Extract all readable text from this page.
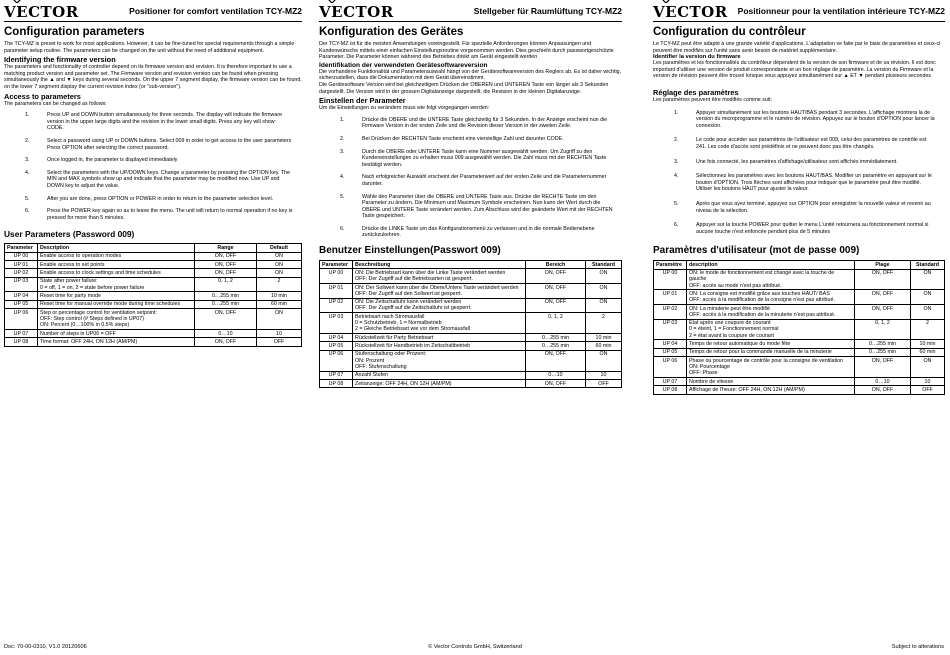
VECTOR	Positioner for comfort ventilation TCY-MZ2
Configuration parameters
The TCY-MZ is preset to work for most applications. However, it can be fine-tuned for special requirements through a simple parameter setup routine. The parameters can be changed on the unit without the need of additional equipment.
Identifying the firmware version
The parameters and functionality of controller depend on its firmware version and revision. It is therefore important to use a matching product version and parameter set. The Firmware version and revision version can be found when pressing simultaneously the ▲ and ▼ keys during several seconds. On the upper 7 segment display, the firmware version can be found, on the lower 7 segment display the current revision index (or "sub-version").
Access to parameters
The parameters can be changed as follows:
1.	Press UP and DOWN button simultaneously for three seconds. The display will indicate the firmware version in the upper large digits and the revision in the lower small digits. Press any key will show: CODE.
2.	Select a password using UP or DOWN buttons. Select 009 in order to get access to the user parameters
Press OPTION after selecting the correct password.
3.	Once logged in, the parameter is displayed immediately
4.	Select the parameters with the UP/DOWN keys. Change a parameter by pressing the OPTION key. The MIN and MAX symbols show up and indicate that the parameter may be modified now. Use UP and DOWN key to adjust the value.
5.	After you are done, press OPTION or POWER in order to return to the parameter selection level.
6.	Press the POWER key again so as to leave the menu. The unit will return to normal operation if no key is pressed for more than 5 minutes.
User Parameters (Password 009)
Parameter	Description	Range	Default
UP 00	Enable access to operation modes	ON, OFF	ON
UP 01	Enable access to set points	ON, OFF	ON
UP 02	Enable access to clock settings and time schedules	ON, OFF	ON
UP 03	State after power failure:
0 = off, 1 = on, 2 = state before power failure	0, 1, 2	2
UP 04	Reset time for party mode	0…255 min	10 min
UP 05	Reset time for manual override mode during time schedules	0…255 min	60 min
UP 06	Step or percentage control for ventilation setpoint:
OFF: Step control (# Steps defined in UP07)
ON: Percent (0…100% in 0.5% steps)	ON, OFF	ON
UP 07	Number of steps in UP06 = OFF	0…10	10
UP 08	Time format: OFF 24H, ON 12H (AM/PM)	ON, OFF	OFF
VECTOR	Stellgeber für Raumlüftung TCY-MZ2
Konfiguration des Gerätes
Der TCY-MZ ist für die meisten Anwendungen voreingestellt. Für spezielle Anforderungen können Anpassungen und Kundenwünsche mittels einer einfachen Einstellungsroutine vorgenommen werden. Dies geschieht durch passwortgeschützte Parameter. Die Parameter können während des Betriebes direkt am Gerät eingestellt werden
Identifikation der verwendeten Gerätesoftwareversion
Die vorhandene Funktionalität und Parameterauswahl hängt von der Gerätesoftwareversion des Reglers ab. Es ist daher wichtig, sicherzustellen, dass die Dokumentation mit dem Gerät übereinstimmt.
Die Gerätesoftware Version wird bei gleichzeitigem Drücken der OBEREN und UNTEREN Taste von länger als 3 Sekunden dargestellt. Die Version wird in der grossen Digitalanzeige dargestellt, die Revision in der kleinen Digitalanzeige.
Einstellen der Parameter
Um die Einstellungen zu verändern muss wie folgt vorgegangen werden:
1.	Drücke die OBERE und die UNTERE Taste gleichzeitig für 3 Sekunden. In der Anzeige erscheint nun die Firmware Version in der ersten Zeile und die Revision dieser Version in der zweiten Zeile.
2.	Bei Drücken der RECHTEN Taste erscheint eine vierstellige Zahl und darunter CODE.
3.	Durch die OBERE oder UNTERE Taste kann eine Nummer ausgewählt werden. Um Zugriff zu den Kundeneinstellungen zu erhalten muss 009 ausgewählt werden. Die Zahl muss mit der RECHTEN Taste bestätigt werden.
4.	Nach erfolgreicher Auswahl erscheint der Parameterwert auf der ersten Zeile und die Parameternummer darunter.
5.	Wähle den Parameter über die OBERE und UNTERE Taste aus. Drücke die RECHTE Taste um den Parameter zu ändern. Die Minimum und Maximum Symbole erscheinen. Nun kann der Wert durch die OBERE und UNTERE Taste verändert werden. Zum Abschluss wird der geänderte Wert mit der RECHTEN Taste gespeichert.
6.	Drücke die LINKE Taste um das Konfigurationsmenü zu verlassen und in die normale Bedienebene zurückzukehren.
Benutzer Einstellungen(Passwort 009)
Parameter	Beschreibung	Bereich	Standard
UP 00	ON: Die Betriebsart kann über die Linke Taste verändert werden
OFF: Der Zugriff auf die Betriebsarten ist gesperrt.	ON, OFF	ON
UP 01	ON: Der Sollwert kann über die Obere/Untere Taste verändert werden
OFF: Der Zugriff auf den Sollwert ist gesperrt.	ON, OFF	ON
UP 02	ON: Die Zeitschaltuhr kann verändert werden
OFF: Der Zugriff auf die Zeitschaltuhr ist gesperrt.	ON, OFF	ON
UP 03	Betriebsart nach Stromausfall
0 = Schutzbetrieb, 1 = Normalbetrieb
2 = Gleiche Betriebsart wie vor dem Stromausfall	0, 1, 2	2
UP 04	Rückstellzeit für Party Betriebsart	0…255 min	10 min
UP 05	Rückstellzeit für Handbetrieb im Zeitschaltbetrieb	0…255 min	60 min
UP 06	Stufenschaltung oder Prozent:
ON: Prozent
OFF: Stufenschaltung	ON, OFF	ON
UP 07	Anzahl Stufen	0…10	10
UP 08	Zeitanzeige: OFF 24H, ON 12H (AM/PM)	ON, OFF	OFF
VECTOR Positionneur pour la ventilation intérieure TCY-MZ2
Configuration du contrôleur
Le TCY-MZ peut être adapté à une grande variété d'applications. L'adaptation se faite par le biais de paramètres et ceux-ci peuvent être modifiés sur l'unité sans avoir besoin de matériel supplémentaire.
Identifier la version du firmware
Les paramètres et les fonctionnalités du contrôleur dépendent de la version de son firmware et de sa révision. Il est donc important d'utiliser une version de produit correspondante et un bon réglage de paramètre. La version du Firmware et la version de révision peuvent être trouvé lorsque vous appuyez simultanément sur ▲ ET ▼ pendant plusieurs secondes
Réglage des paramètres
Les paramètres peuvent être modifiés comme suit:
1.	Appuyer simultanément sur les boutons HAUT/BAS pendant 3 secondes. L'affichage montrera la de version du microprogramme et le numéro de révision. Appuyez sur le bouton d'OPTION pour lancer la connexion.
2.	Le code pour accéder aux paramètres de l'utilisateur est 009, celui des paramètres de contrôle est 241. Les code d'accès sont prédéfinis et ne peuvent donc pas être changés.
3.	Une fois connecté, les paramètres d'affichage/utilisateur sont affichés immédiatement.
4.	Sélectionnez les paramètres avec les boutons HAUT/BAS. Modifier un paramètre en appuyant sur le bouton d'OPTION. Trois fléches sont affichées pour indiquer que le paramètre peut être modifié. Utiliser les boutons HAUT pour ajuster la valeur.
5.	Après que vous ayez terminé, appuyez sur OPTION pour enregistrer la nouvelle valeur et revenir au niveau de la sélection.
6.	Appuyer sur la touche POWER pour quitter le menu L'unité retournera au fonctionnement normal si aucune touche n'est enfoncée pendant plus de 5 minutes
Paramètres d'utilisateur (mot de passe 009)
Paramètre	description	Plage	Standard
UP 00	ON: le mode de fonctionnement est changé avec la touche de gauche
OFF: accès au mode n'est pas attribué.	ON, OFF	ON
UP 01	ON: La consigne est modifié grâce aux touches HAUT/ BAS
OFF: accès à la modification de la consigne n'est pas attribué.	ON, OFF	ON
UP 02	ON: La minuterie peut être modifié
OFF: accès à la modification de la minuterie n'est pas attribué.	ON, OFF	ON
UP 03	État après une coupure de courant
0 = éteint, 1 = Fonctionnement normal
2 = état avant la coupure de courant	0, 1, 2	2
UP 04	Temps de retour automatique du mode fête	0…255 min	10 min
UP 05	Temps de retour pour la commande manuelle de la minuterie	0…255 min	60 min
UP 06	Phase ou pourcentage de contrôle pour la consigne de ventilation
ON: Pourcentage
OFF: Phase	ON, OFF	ON
UP 07	Nombre de vitesse	0…10	10
UP 08	Affichage de l'heure: OFF 24H, ON 12H (AM/PM)	ON, OFF	OFF
Doc: 70-00-0310, V1.0 20120606	© Vector Controls GmbH, Switzerland	Subject to alterations
